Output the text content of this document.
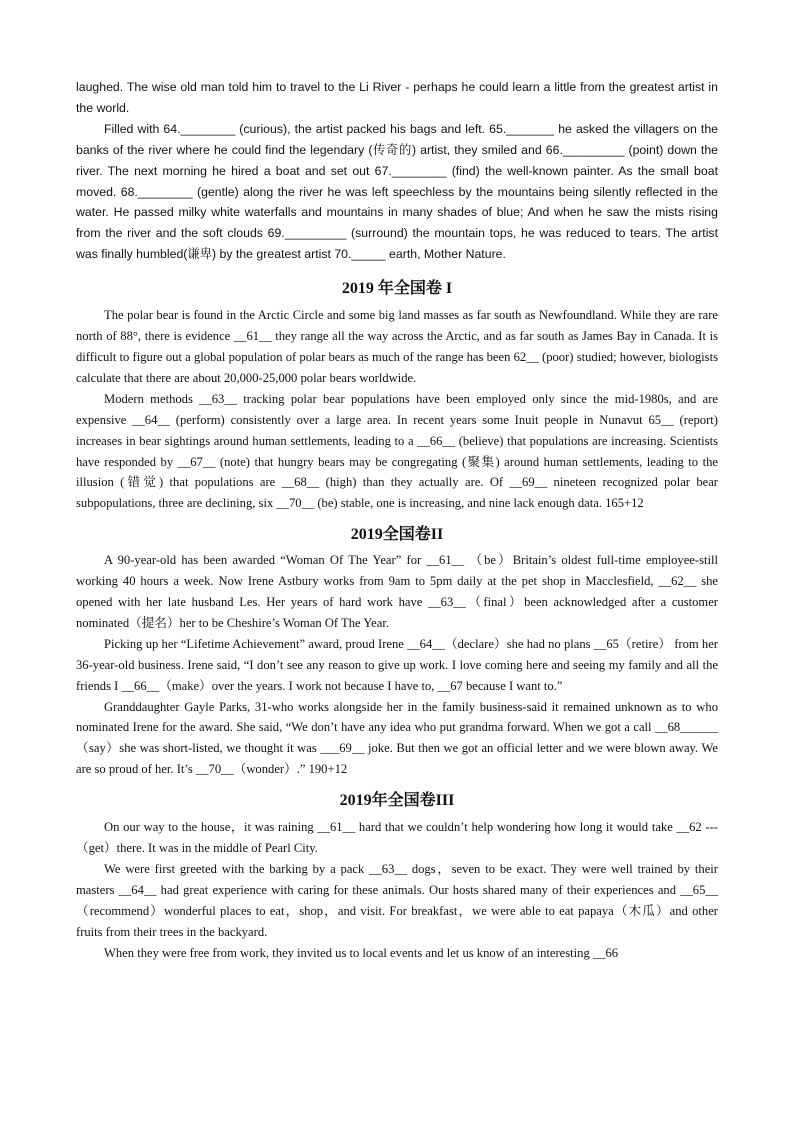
laughed. The wise old man told him to travel to the Li River - perhaps he could learn a little from the greatest artist in the world.

Filled with 64.________ (curious), the artist packed his bags and left. 65._______ he asked the villagers on the banks of the river where he could find the legendary (传奇的) artist, they smiled and 66._________ (point) down the river. The next morning he hired a boat and set out 67.________ (find) the well-known painter. As the small boat moved. 68.________ (gentle) along the river he was left speechless by the mountains being silently reflected in the water. He passed milky white waterfalls and mountains in many shades of blue; And when he saw the mists rising from the river and the soft clouds 69._________ (surround) the mountain tops, he was reduced to tears. The artist was finally humbled(谦卑) by the greatest artist 70._____ earth, Mother Nature.

2019 年全国卷 I

The polar bear is found in the Arctic Circle and some big land masses as far south as Newfoundland. While they are rare north of 88°, there is evidence __61__ they range all the way across the Arctic, and as far south as James Bay in Canada. It is difficult to figure out a global population of polar bears as much of the range has been 62__ (poor) studied; however, biologists calculate that there are about 20,000-25,000 polar bears worldwide.

Modern methods __63__ tracking polar bear populations have been employed only since the mid-1980s, and are expensive __64__ (perform) consistently over a large area. In recent years some Inuit people in Nunavut 65__ (report) increases in bear sightings around human settlements, leading to a __66__ (believe) that populations are increasing. Scientists have responded by __67__ (note) that hungry bears may be congregating (聚集) around human settlements, leading to the illusion (错觉) that populations are __68__ (high) than they actually are. Of __69__ nineteen recognized polar bear subpopulations, three are declining, six __70__ (be) stable, one is increasing, and nine lack enough data. 165+12

2019全国卷II

A 90-year-old has been awarded “Woman Of The Year” for __61__ （be）Britain’s oldest full-time employee-still working 40 hours a week. Now Irene Astbury works from 9am to 5pm daily at the pet shop in Macclesfield, __62__ she opened with her late husband Les. Her years of hard work have __63__（final）been acknowledged after a customer nominated（提名）her to be Cheshire’s Woman Of The Year.

Picking up her “Lifetime Achievement” award, proud Irene __64__（declare）she had no plans __65（retire） from her 36-year-old business. Irene said, “I don’t see any reason to give up work. I love coming here and seeing my family and all the friends I __66__（make）over the years. I work not because I have to, __67 because I want to.”

Granddaughter Gayle Parks, 31-who works alongside her in the family business-said it remained unknown as to who nominated Irene for the award. She said, “We don’t have any idea who put grandma forward. When we got a call __68______（say）she was short-listed, we thought it was ___69__ joke. But then we got an official letter and we were blown away. We are so proud of her. It’s __70__（wonder）.” 190+12

2019年全国卷III

On our way to the house，it was raining __61__ hard that we couldn’t help wondering how long it would take __62 --- （get）there. It was in the middle of Pearl City.

We were first greeted with the barking by a pack __63__ dogs，seven to be exact. They were well trained by their masters __64__ had great experience with caring for these animals. Our hosts shared many of their experiences and __65__（recommend）wonderful places to eat，shop，and visit. For breakfast，we were able to eat papaya（木瓜）and other fruits from their trees in the backyard.

When they were free from work, they invited us to local events and let us know of an interesting __66
